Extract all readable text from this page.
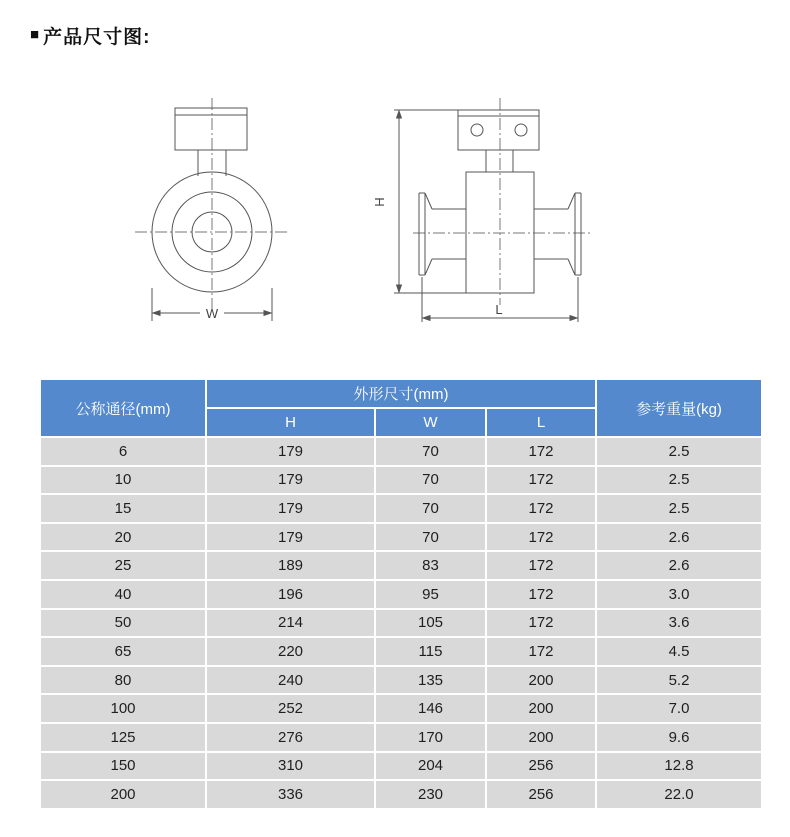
■ 产品尺寸图:
W
H
L
公称通径(mm)	外形尺寸(mm)			参考重量(kg)
	H	W	L	
6	179	70	172	2.5
10	179	70	172	2.5
15	179	70	172	2.5
20	179	70	172	2.6
25	189	83	172	2.6
40	196	95	172	3.0
50	214	105	172	3.6
65	220	115	172	4.5
80	240	135	200	5.2
100	252	146	200	7.0
125	276	170	200	9.6
150	310	204	256	12.8
200	336	230	256	22.0
